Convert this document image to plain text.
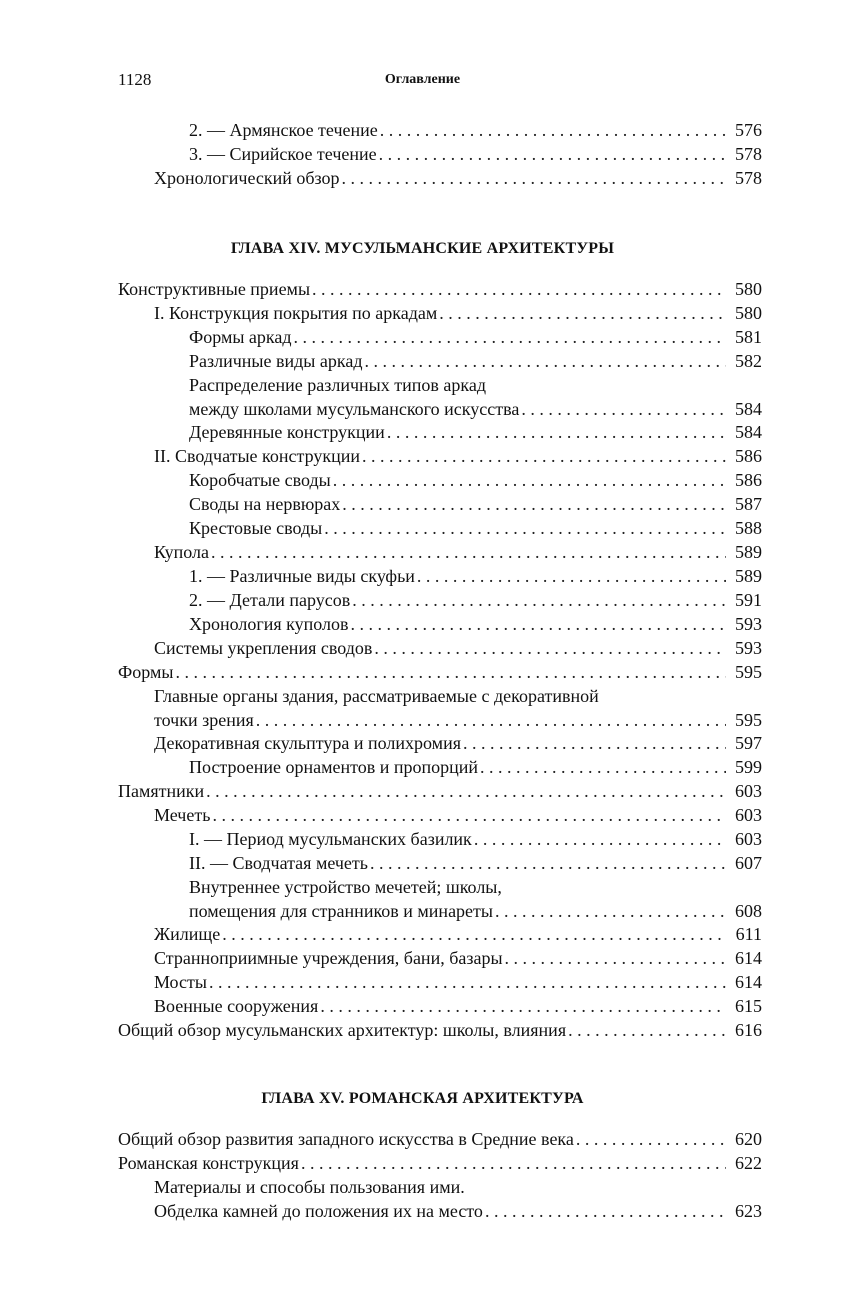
1128	Оглавление
2. — Армянское течение . . .	576
3. — Сирийское течение . . .	578
Хронологический обзор . . .	578
ГЛАВА XIV. МУСУЛЬМАНСКИЕ АРХИТЕКТУРЫ
Конструктивные приемы . . .	580
I. Конструкция покрытия по аркадам . . .	580
Формы аркад . . .	581
Различные виды аркад . . .	582
Распределение различных типов аркад
между школами мусульманского искусства . . .	584
Деревянные конструкции . . .	584
II. Сводчатые конструкции . . .	586
Коробчатые своды . . .	586
Своды на нервюрах . . .	587
Крестовые своды . . .	588
Купола . . .	589
1. — Различные виды скуфьи . . .	589
2. — Детали парусов . . .	591
Хронология куполов . . .	593
Системы укрепления сводов . . .	593
Формы . . .	595
Главные органы здания, рассматриваемые с декоративной
точки зрения . . .	595
Декоративная скульптура и полихромия . . .	597
Построение орнаментов и пропорций . . .	599
Памятники . . .	603
Мечеть . . .	603
I. — Период мусульманских базилик . . .	603
II. — Сводчатая мечеть . . .	607
Внутреннее устройство мечетей; школы,
помещения для странников и минареты . . .	608
Жилище . . .	611
Странноприимные учреждения, бани, базары . . .	614
Мосты . . .	614
Военные сооружения . . .	615
Общий обзор мусульманских архитектур: школы, влияния . . .	616
ГЛАВА XV. РОМАНСКАЯ АРХИТЕКТУРА
Общий обзор развития западного искусства в Средние века . . .	620
Романская конструкция . . .	622
Материалы и способы пользования ими.
Обделка камней до положения их на место . . .	623
